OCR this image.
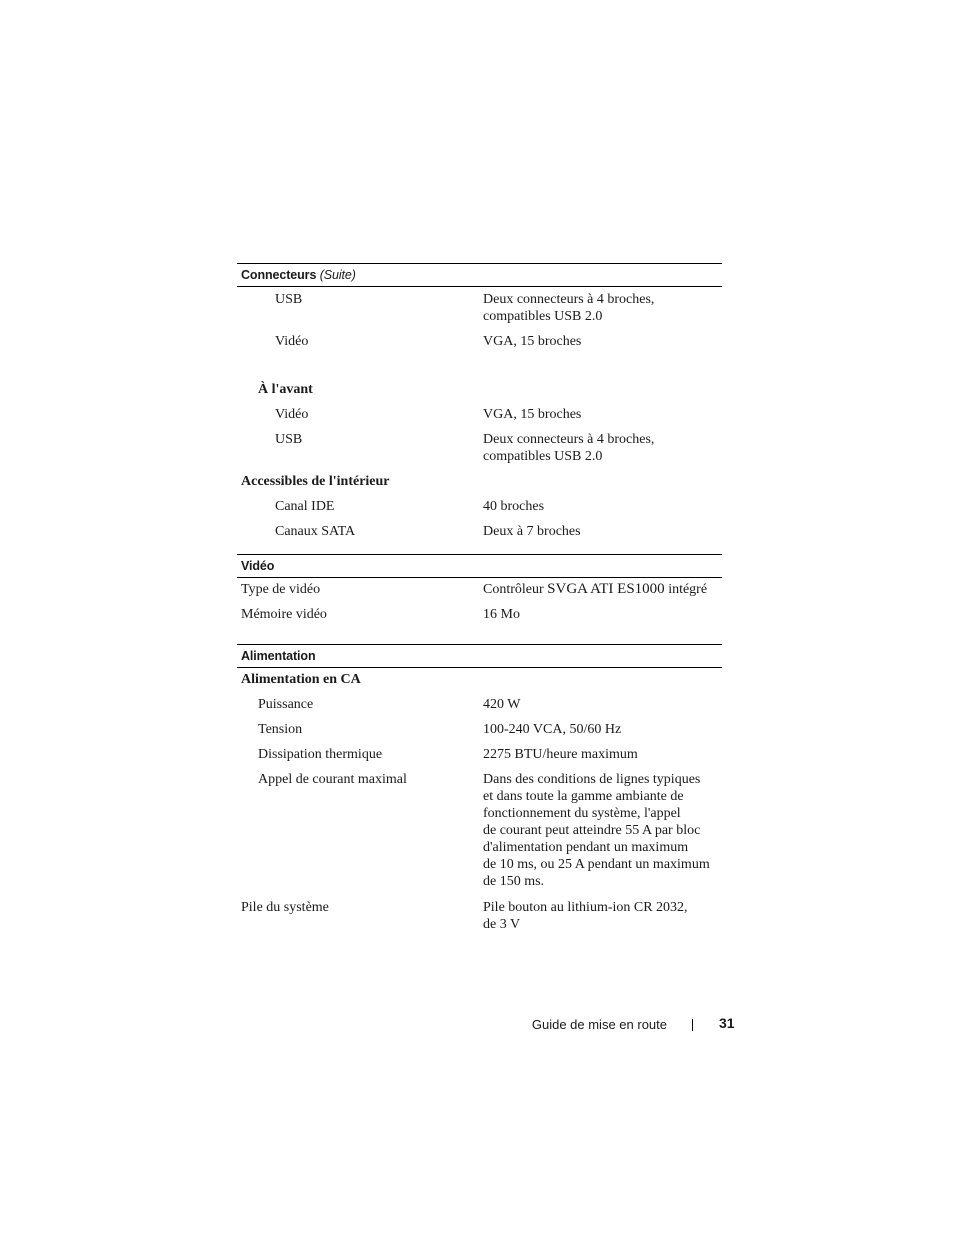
Connecteurs (Suite)
USB	Deux connecteurs à 4 broches,
compatibles USB 2.0
Vidéo	VGA, 15 broches
À l'avant
Vidéo	VGA, 15 broches
USB	Deux connecteurs à 4 broches,
compatibles USB 2.0
Accessibles de l'intérieur
Canal IDE	40 broches
Canaux SATA	Deux à 7 broches
Vidéo
Type de vidéo	Contrôleur SVGA ATI ES1000 intégré
Mémoire vidéo	16 Mo
Alimentation
Alimentation en CA
Puissance	420 W
Tension	100-240 VCA, 50/60 Hz
Dissipation thermique	2275 BTU/heure maximum
Appel de courant maximal	Dans des conditions de lignes typiques
et dans toute la gamme ambiante de
fonctionnement du système, l'appel
de courant peut atteindre 55 A par bloc
d'alimentation pendant un maximum
de 10 ms, ou 25 A pendant un maximum
de 150 ms.
Pile du système	Pile bouton au lithium-ion CR 2032,
de 3 V
Guide de mise en route	31
